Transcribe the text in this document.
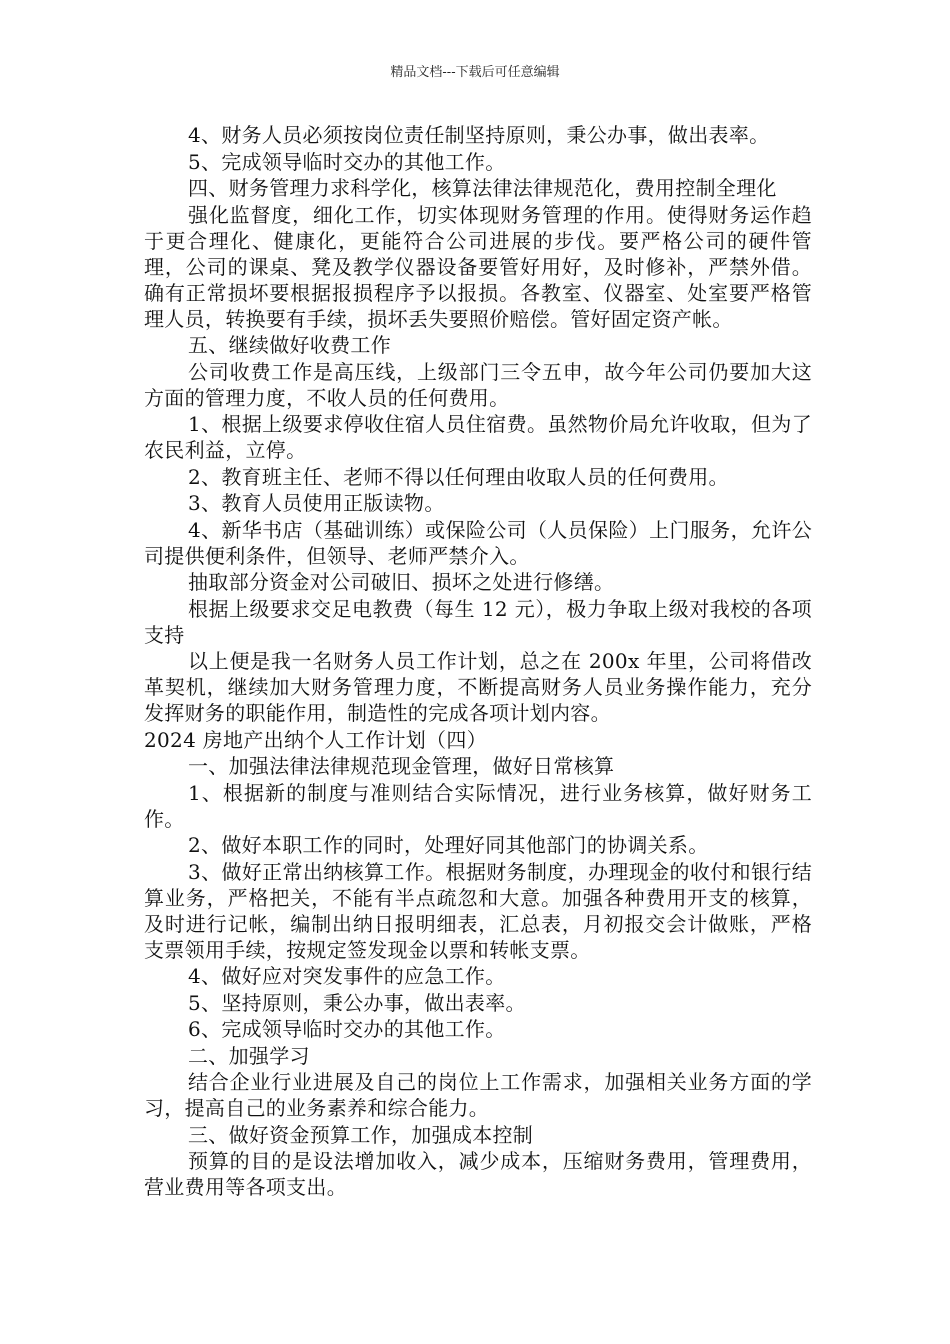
精品文档---下载后可任意编辑

4、财务人员必须按岗位责任制坚持原则，秉公办事，做出表率。

5、完成领导临时交办的其他工作。

四、财务管理力求科学化，核算法律法律规范化，费用控制全理化

强化监督度，细化工作，切实体现财务管理的作用。使得财务运作趋于更合理化、健康化，更能符合公司进展的步伐。要严格公司的硬件管理，公司的课桌、凳及教学仪器设备要管好用好，及时修补，严禁外借。确有正常损坏要根据报损程序予以报损。各教室、仪器室、处室要严格管理人员，转换要有手续，损坏丢失要照价赔偿。管好固定资产帐。

五、继续做好收费工作

公司收费工作是高压线，上级部门三令五申，故今年公司仍要加大这方面的管理力度，不收人员的任何费用。

1、根据上级要求停收住宿人员住宿费。虽然物价局允许收取，但为了农民利益，立停。

2、教育班主任、老师不得以任何理由收取人员的任何费用。

3、教育人员使用正版读物。

4、新华书店（基础训练）或保险公司（人员保险）上门服务，允许公司提供便利条件，但领导、老师严禁介入。

抽取部分资金对公司破旧、损坏之处进行修缮。

根据上级要求交足电教费（每生 12 元），极力争取上级对我校的各项支持

以上便是我一名财务人员工作计划，总之在 200x 年里，公司将借改革契机，继续加大财务管理力度，不断提高财务人员业务操作能力，充分发挥财务的职能作用，制造性的完成各项计划内容。

2024 房地产出纳个人工作计划（四）

一、加强法律法律规范现金管理，做好日常核算

1、根据新的制度与准则结合实际情况，进行业务核算，做好财务工作。

2、做好本职工作的同时，处理好同其他部门的协调关系。

3、做好正常出纳核算工作。根据财务制度，办理现金的收付和银行结算业务，严格把关，不能有半点疏忽和大意。加强各种费用开支的核算，及时进行记帐，编制出纳日报明细表，汇总表，月初报交会计做账，严格支票领用手续，按规定签发现金以票和转帐支票。

4、做好应对突发事件的应急工作。

5、坚持原则，秉公办事，做出表率。

6、完成领导临时交办的其他工作。

二、加强学习

结合企业行业进展及自己的岗位上工作需求，加强相关业务方面的学习，提高自己的业务素养和综合能力。

三、做好资金预算工作，加强成本控制

预算的目的是设法增加收入，减少成本，压缩财务费用，管理费用，营业费用等各项支出。
